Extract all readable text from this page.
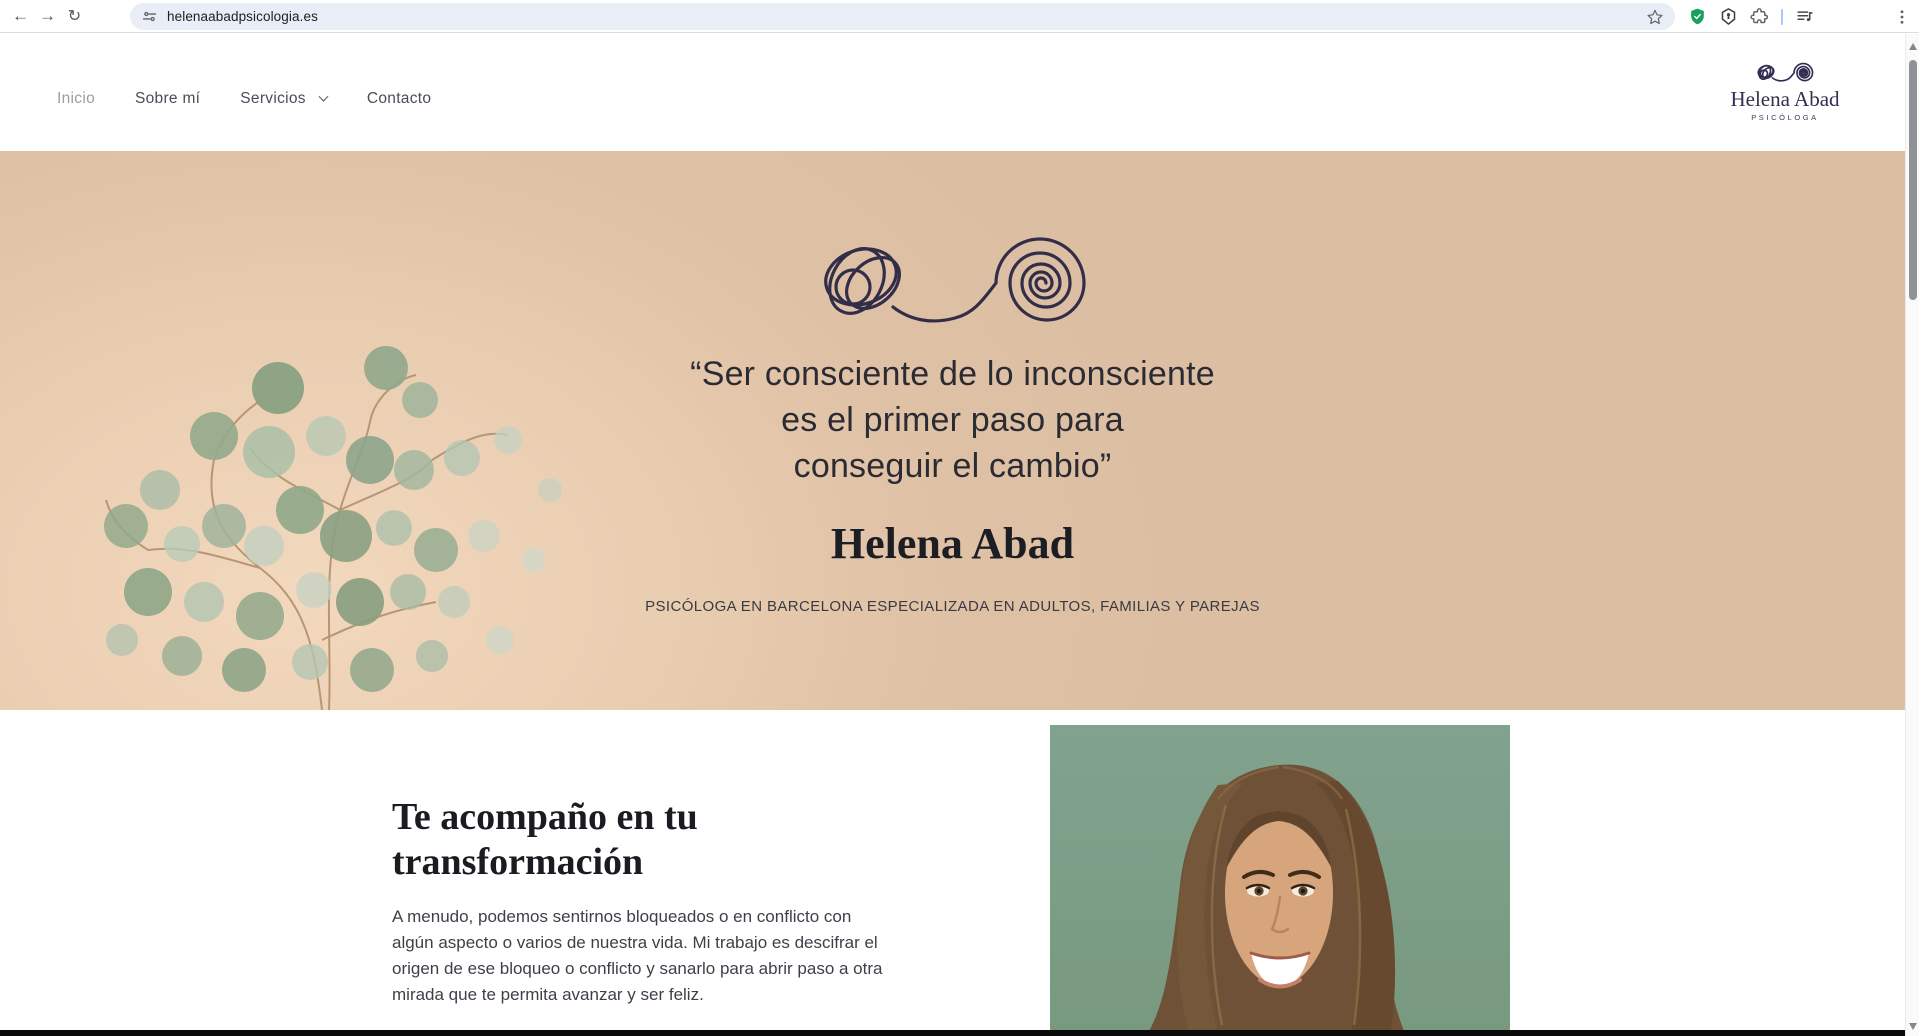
← → ↻	helenaabadpsicologia.es
Inicio	Sobre mí	Servicios	Contacto	Helena Abad
PSICÓLOGA
“Ser consciente de lo inconsciente
es el primer paso para
conseguir el cambio”
Helena Abad
PSICÓLOGA EN BARCELONA ESPECIALIZADA EN ADULTOS, FAMILIAS Y PAREJAS
Te acompaño en tu
transformación
A menudo, podemos sentirnos bloqueados o en conflicto con
algún aspecto o varios de nuestra vida. Mi trabajo es descifrar el
origen de ese bloqueo o conflicto y sanarlo para abrir paso a otra
mirada que te permita avanzar y ser feliz.
